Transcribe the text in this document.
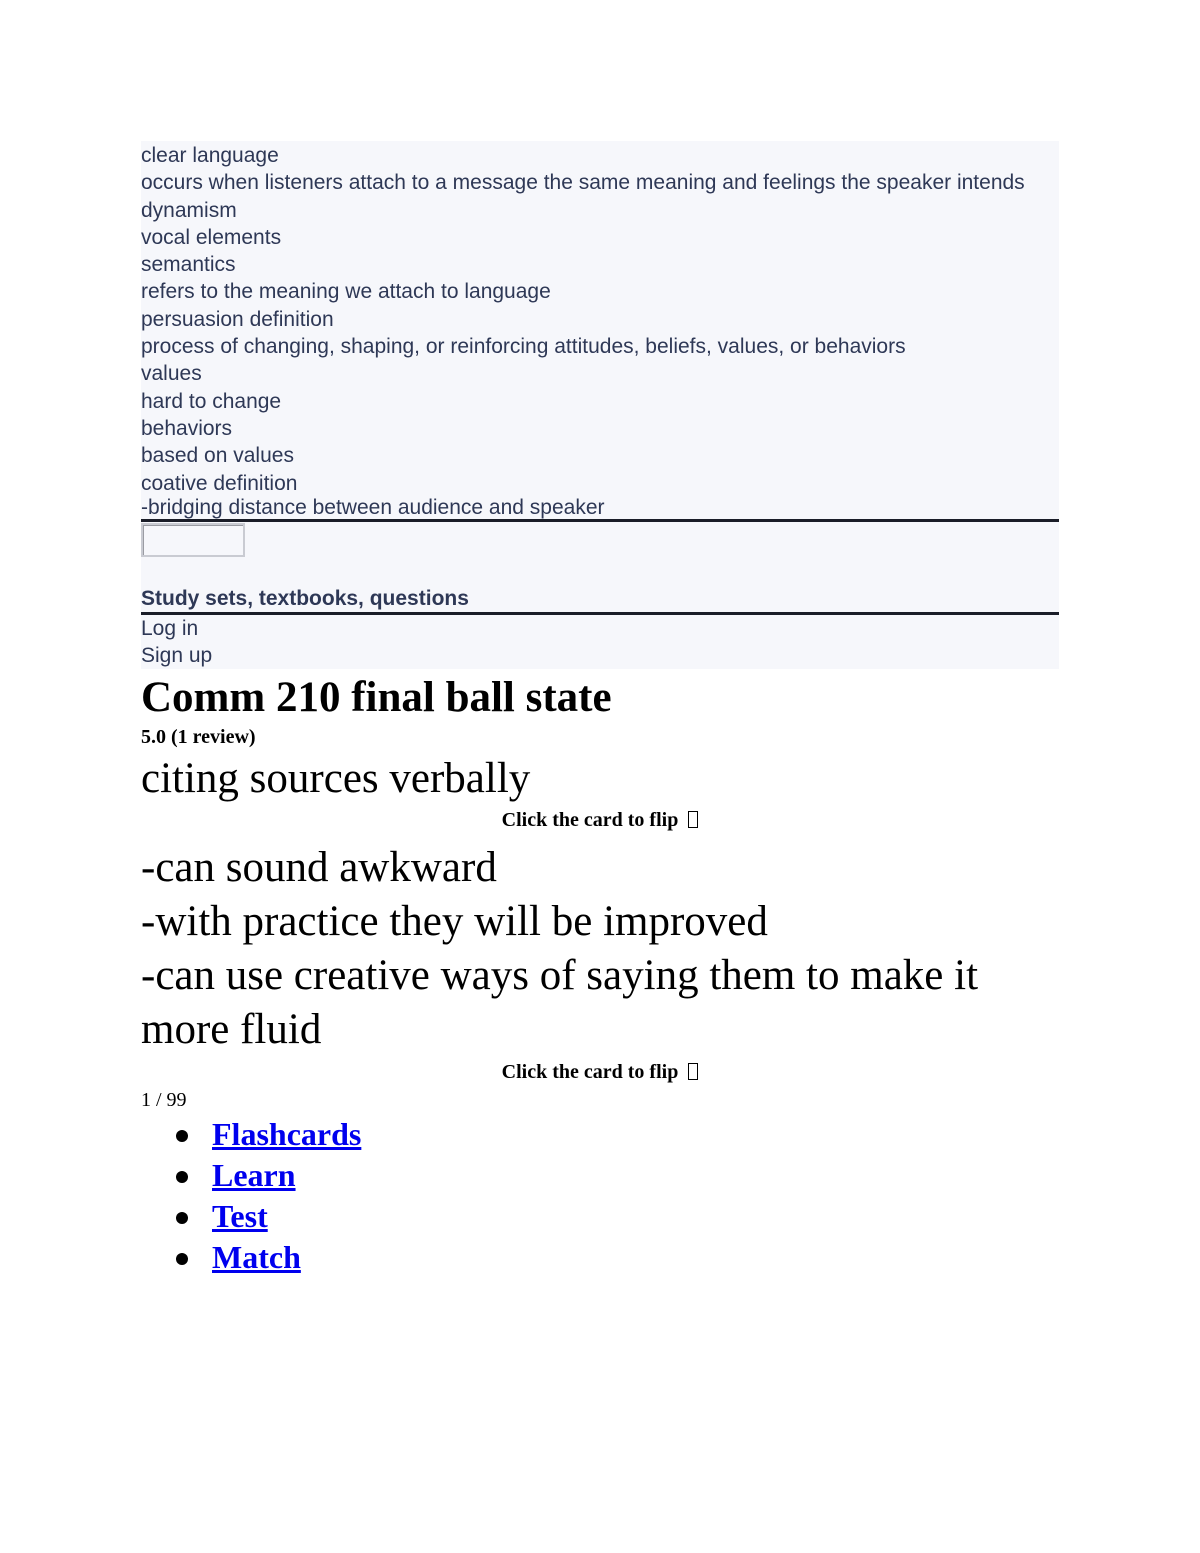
clear language
occurs when listeners attach to a message the same meaning and feelings the speaker intends
dynamism
vocal elements
semantics
refers to the meaning we attach to language
persuasion definition
process of changing, shaping, or reinforcing attitudes, beliefs, values, or behaviors
values
hard to change
behaviors
based on values
coative definition
-bridging distance between audience and speaker
Study sets, textbooks, questions
Log in
Sign up
Comm 210 final ball state
5.0 (1 review)
citing sources verbally
Click the card to flip
-can sound awkward
-with practice they will be improved
-can use creative ways of saying them to make it more fluid
Click the card to flip
1 / 99
Flashcards
Learn
Test
Match
